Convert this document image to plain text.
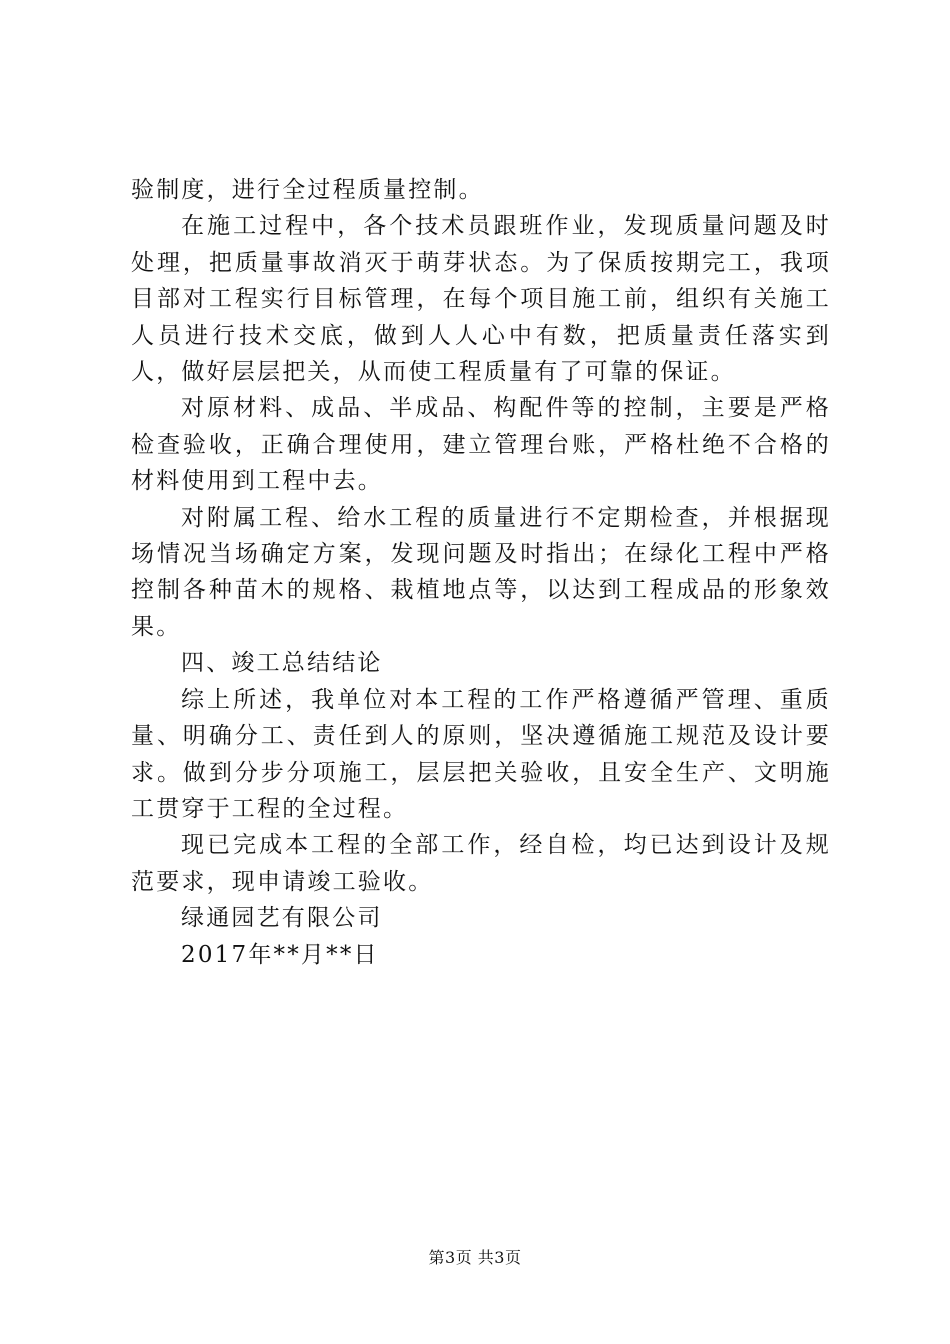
验制度，进行全过程质量控制。

在施工过程中，各个技术员跟班作业，发现质量问题及时处理，把质量事故消灭于萌芽状态。为了保质按期完工，我项目部对工程实行目标管理，在每个项目施工前，组织有关施工人员进行技术交底，做到人人心中有数，把质量责任落实到人，做好层层把关，从而使工程质量有了可靠的保证。

对原材料、成品、半成品、构配件等的控制，主要是严格检查验收，正确合理使用，建立管理台账，严格杜绝不合格的材料使用到工程中去。

对附属工程、给水工程的质量进行不定期检查，并根据现场情况当场确定方案，发现问题及时指出；在绿化工程中严格控制各种苗木的规格、栽植地点等，以达到工程成品的形象效果。

四、竣工总结结论

综上所述，我单位对本工程的工作严格遵循严管理、重质量、明确分工、责任到人的原则，坚决遵循施工规范及设计要求。做到分步分项施工，层层把关验收，且安全生产、文明施工贯穿于工程的全过程。

现已完成本工程的全部工作，经自检，均已达到设计及规范要求，现申请竣工验收。

绿通园艺有限公司

2017年**月**日

第3页 共3页
